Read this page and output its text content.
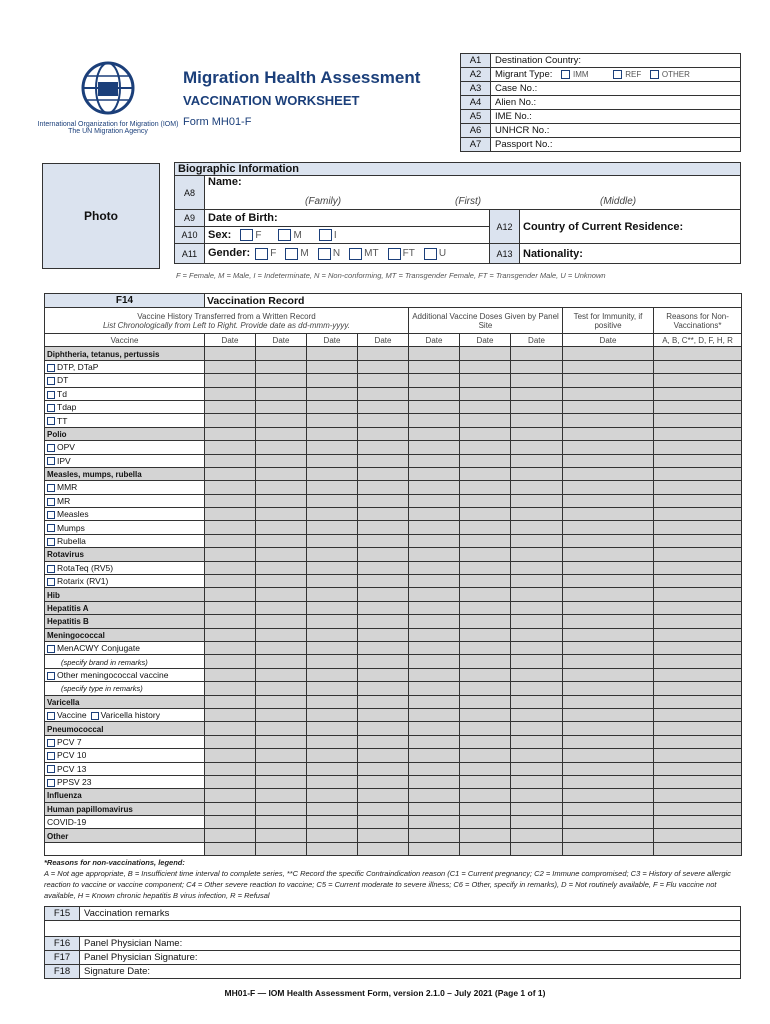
International Organization for Migration (IOM)
The UN Migration Agency
Migration Health Assessment
VACCINATION WORKSHEET
Form MH01-F
A1	Destination Country:
A2	Migrant Type: IMM REF OTHER
A3	Case No.:
A4	Alien No.:
A5	IME No.:
A6	UNHCR No.:
A7	Passport No.:
Photo
Biographic Information			
A8	Name:
(Family) (First) (Middle)		

A9	Date of Birth:	A12	Country of Current Residence:
A10	Sex: F M I		
A11	Gender: F M N MT FT U	A13	Nationality:
F = Female, M = Male, I = Indeterminate, N = Non-conforming, MT = Transgender Female, FT = Transgender Male, U = Unknown
F14	Vaccination Record								

Vaccine History Transferred from a Written Record
List Chronologically from Left to Right. Provide date as dd-mmm-yyyy.					Additional Vaccine Doses Given by Panel Site			Test for Immunity, if positive	Reasons for Non-Vaccinations*
Vaccine	Date	Date	Date	Date	Date	Date	Date	Date	A, B, C**, D, F, H, R
Diphtheria, tetanus, pertussis									
DTP, DTaP									
DT									
Td									
Tdap									
TT									
Polio									
OPV									
IPV									
Measles, mumps, rubella									
MMR									
MR									
Measles									
Mumps									
Rubella									
Rotavirus									
RotaTeq (RV5)									
Rotarix (RV1)									
Hib									
Hepatitis A									
Hepatitis B									
Meningococcal									
MenACWY Conjugate									
(specify brand in remarks)									
Other meningococcal vaccine									
(specify type in remarks)									
Varicella									
Vaccine Varicella history									
Pneumococcal									
PCV 7									
PCV 10									
PCV 13									
PPSV 23									
Influenza									
Human papillomavirus									
COVID-19									
Other									

*Reasons for non-vaccinations, legend:
A = Not age appropriate, B = Insufficient time interval to complete series, **C Record the specific Contraindication reason (C1 = Current pregnancy; C2 = Immune compromised; C3 = History of severe allergic reaction to vaccine or vaccine component; C4 = Other severe reaction to vaccine; C5 = Current moderate to severe illness; C6 = Other, specify in remarks), D = Not routinely available, F = Flu vaccine not available, H = Known chronic hepatitis B virus infection, R = Refusal
F15	Vaccination remarks

F16	Panel Physician Name:
F17	Panel Physician Signature:
F18	Signature Date:
MH01-F — IOM Health Assessment Form, version 2.1.0 – July 2021 (Page 1 of 1)
